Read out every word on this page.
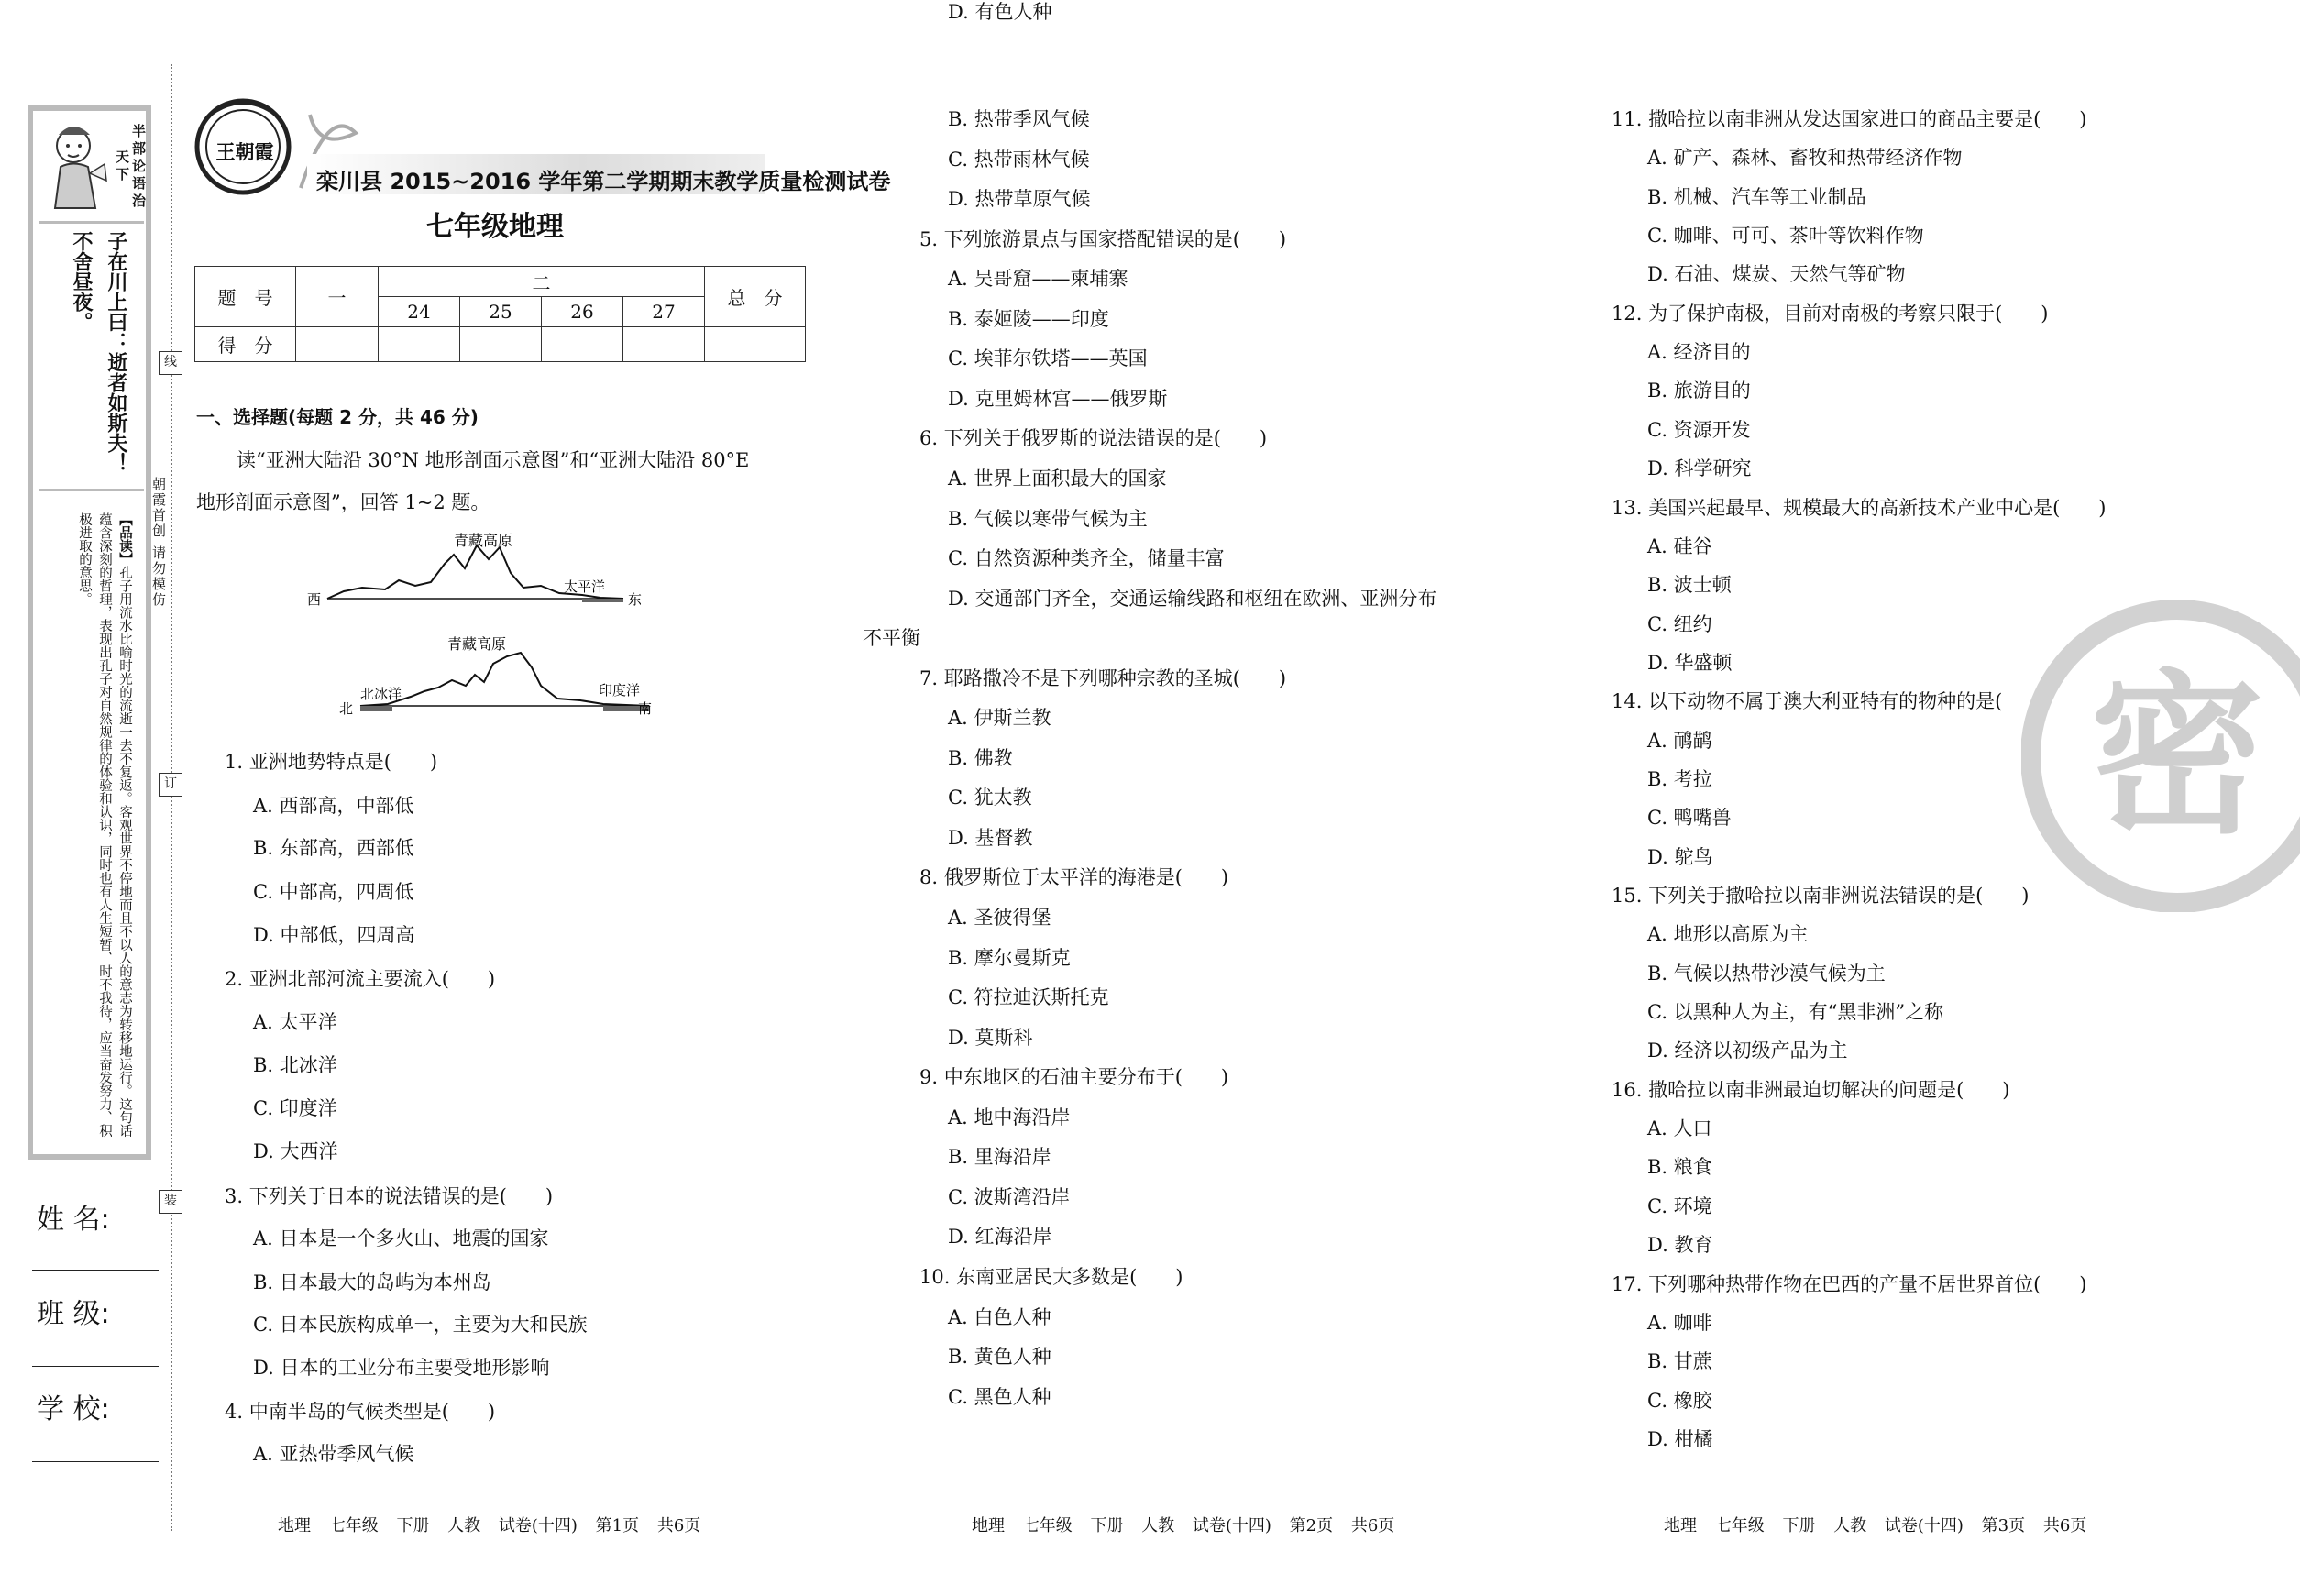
半部论语治天下
子在川上曰：逝者如斯夫！不舍昼夜。
【品读】孔子用流水比喻时光的流逝一去不复返。客观世界不停地而且不以人的意志为转移地运行。这句话蕴含深刻的哲理，表现出孔子对自然规律的体验和认识，同时也有人生短暂、时不我待，应当奋发努力、积极进取的意思。
姓 名:
班 级:
学 校:
线
订
装
朝霞首创 请勿模仿
王朝霞
栾川县 2015~2016 学年第二学期期末教学质量检测试卷
七年级地理
题　号	一	二				总　分
		24	25	26	27	
得　分						
一、选择题(每题 2 分，共 46 分)
读“亚洲大陆沿 30°N 地形剖面示意图”和“亚洲大陆沿 80°E
地形剖面示意图”，回答 1~2 题。
青藏高原
西	东
太平洋
青藏高原
北	南
北冰洋	印度洋
1. 亚洲地势特点是(　　)
A. 西部高，中部低
B. 东部高，西部低
C. 中部高，四周低
D. 中部低，四周高
2. 亚洲北部河流主要流入(　　)
A. 太平洋
B. 北冰洋
C. 印度洋
D. 大西洋
3. 下列关于日本的说法错误的是(　　)
A. 日本是一个多火山、地震的国家
B. 日本最大的岛屿为本州岛
C. 日本民族构成单一，主要为大和民族
D. 日本的工业分布主要受地形影响
4. 中南半岛的气候类型是(　　)
A. 亚热带季风气候
B. 热带季风气候
C. 热带雨林气候
D. 热带草原气候
5. 下列旅游景点与国家搭配错误的是(　　)
A. 吴哥窟——柬埔寨
B. 泰姬陵——印度
C. 埃菲尔铁塔——英国
D. 克里姆林宫——俄罗斯
6. 下列关于俄罗斯的说法错误的是(　　)
A. 世界上面积最大的国家
B. 气候以寒带气候为主
C. 自然资源种类齐全，储量丰富
D. 交通部门齐全，交通运输线路和枢纽在欧洲、亚洲分布
不平衡
7. 耶路撒冷不是下列哪种宗教的圣城(　　)
A. 伊斯兰教
B. 佛教
C. 犹太教
D. 基督教
8. 俄罗斯位于太平洋的海港是(　　)
A. 圣彼得堡
B. 摩尔曼斯克
C. 符拉迪沃斯托克
D. 莫斯科
9. 中东地区的石油主要分布于(　　)
A. 地中海沿岸
B. 里海沿岸
C. 波斯湾沿岸
D. 红海沿岸
10. 东南亚居民大多数是(　　)
A. 白色人种
B. 黄色人种
C. 黑色人种
D. 有色人种
11. 撒哈拉以南非洲从发达国家进口的商品主要是(　　)
A. 矿产、森林、畜牧和热带经济作物
B. 机械、汽车等工业制品
C. 咖啡、可可、茶叶等饮料作物
D. 石油、煤炭、天然气等矿物
12. 为了保护南极，目前对南极的考察只限于(　　)
A. 经济目的
B. 旅游目的
C. 资源开发
D. 科学研究
13. 美国兴起最早、规模最大的高新技术产业中心是(　　)
A. 硅谷
B. 波士顿
C. 纽约
D. 华盛顿
14. 以下动物不属于澳大利亚特有的物种的是(　　)
A. 鸸鹋
B. 考拉
C. 鸭嘴兽
D. 鸵鸟
15. 下列关于撒哈拉以南非洲说法错误的是(　　)
A. 地形以高原为主
B. 气候以热带沙漠气候为主
C. 以黑种人为主，有“黑非洲”之称
D. 经济以初级产品为主
16. 撒哈拉以南非洲最迫切解决的问题是(　　)
A. 人口
B. 粮食
C. 环境
D. 教育
17. 下列哪种热带作物在巴西的产量不居世界首位(　　)
A. 咖啡
B. 甘蔗
C. 橡胶
D. 柑橘
密
地理 七年级 下册 人教 试卷(十四) 第1页 共6页	地理 七年级 下册 人教 试卷(十四) 第2页 共6页	地理 七年级 下册 人教 试卷(十四) 第3页 共6页
